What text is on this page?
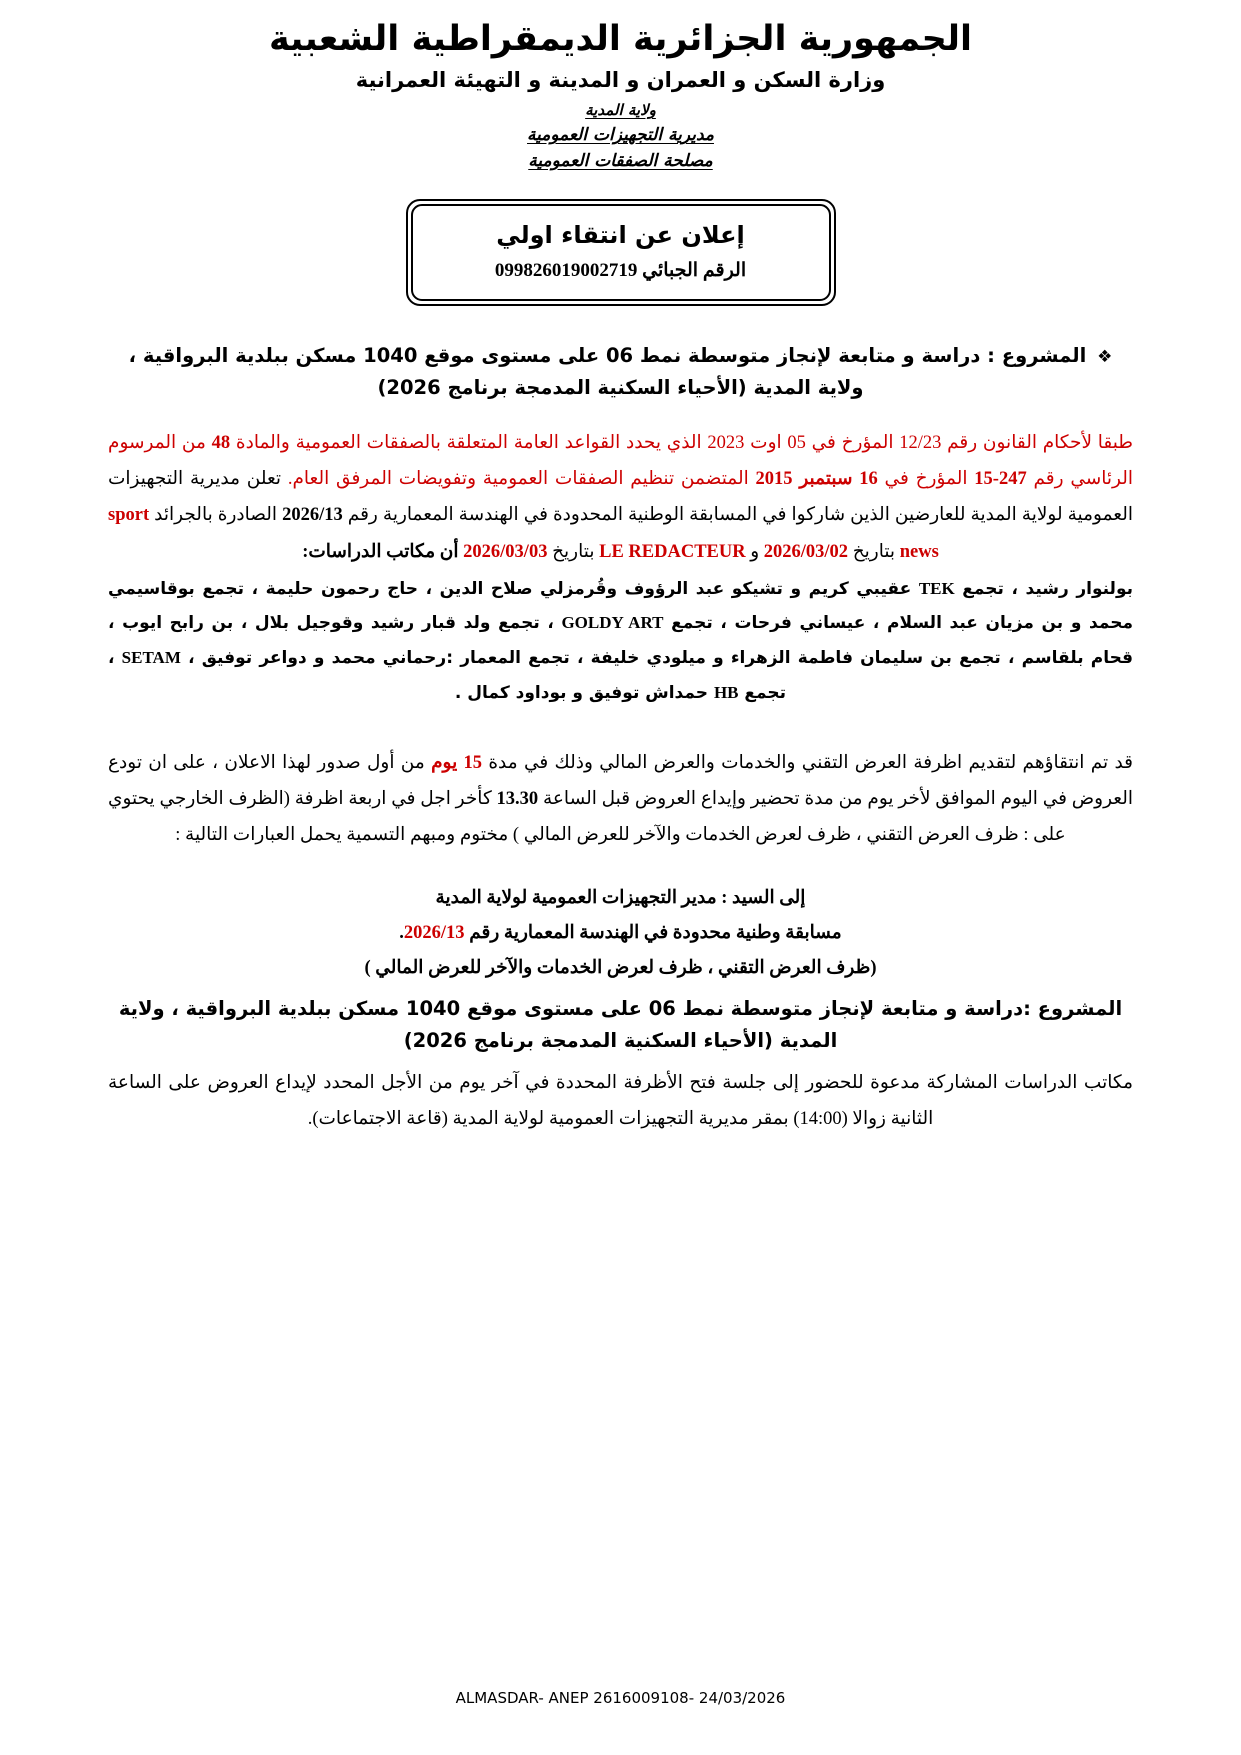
الجمهورية الجزائرية الديمقراطية الشعبية
وزارة السكن و العمران و المدينة و التهيئة العمرانية
ولاية المدية
مديرية التجهيزات العمومية
مصلحة الصفقات العمومية
إعلان عن انتقاء اولي
الرقم الجبائي 099826019002719
❖ المشروع : دراسة و متابعة لإنجاز متوسطة نمط 06 على مستوى موقع 1040 مسكن ببلدية البرواقية ،
ولاية المدية (الأحياء السكنية المدمجة برنامج 2026)
طبقا لأحكام القانون رقم 12/23 المؤرخ في 05 اوت 2023 الذي يحدد القواعد العامة المتعلقة بالصفقات العمومية والمادة 48 من المرسوم الرئاسي رقم 247-15 المؤرخ في 16 سبتمبر 2015 المتضمن تنظيم الصفقات العمومية وتفويضات المرفق العام. تعلن مديرية التجهيزات العمومية لولاية المدية للعارضين الذين شاركوا في المسابقة الوطنية المحدودة في الهندسة المعمارية رقم 2026/13 الصادرة بالجرائد sport news بتاريخ 2026/03/02 و LE REDACTEUR بتاريخ 2026/03/03 أن مكاتب الدراسات:
بولنوار رشيد ، تجمع TEK عقيبي كريم و تشيكو عبد الرؤوف وقُرمزلي صلاح الدين ، حاج رحمون حليمة ، تجمع بوقاسيمي محمد و بن مزيان عبد السلام ، عيساني فرحات ، تجمع GOLDY ART ، تجمع ولد قبار رشيد وقوجيل بلال ، بن رابح ايوب ، قحام بلقاسم ، تجمع بن سليمان فاطمة الزهراء و ميلودي خليفة ، تجمع المعمار :رحماني محمد و دواعر توفيق ، SETAM ، تجمع HB حمداش توفيق و بوداود كمال .
قد تم انتقاؤهم لتقديم اظرفة العرض التقني والخدمات والعرض المالي وذلك في مدة 15 يوم من أول صدور لهذا الاعلان ، على ان تودع العروض في اليوم الموافق لأخر يوم من مدة تحضير وإيداع العروض قبل الساعة 13.30 كأخر اجل في اربعة اظرفة (الظرف الخارجي يحتوي على : ظرف العرض التقني ، ظرف لعرض الخدمات والآخر للعرض المالي ) مختوم ومبهم التسمية يحمل العبارات التالية :
إلى السيد : مدير التجهيزات العمومية لولاية المدية
مسابقة وطنية محدودة في الهندسة المعمارية رقم 2026/13.
(ظرف العرض التقني ، ظرف لعرض الخدمات والآخر للعرض المالي )
المشروع :دراسة و متابعة لإنجاز متوسطة نمط 06 على مستوى موقع 1040 مسكن ببلدية البرواقية ، ولاية
المدية (الأحياء السكنية المدمجة برنامج 2026)
مكاتب الدراسات المشاركة مدعوة للحضور إلى جلسة فتح الأظرفة المحددة في آخر يوم من الأجل المحدد لإيداع العروض على الساعة الثانية زوالا (14:00) بمقر مديرية التجهيزات العمومية لولاية المدية (قاعة الاجتماعات).
ALMASDAR- ANEP 2616009108- 24/03/2026
